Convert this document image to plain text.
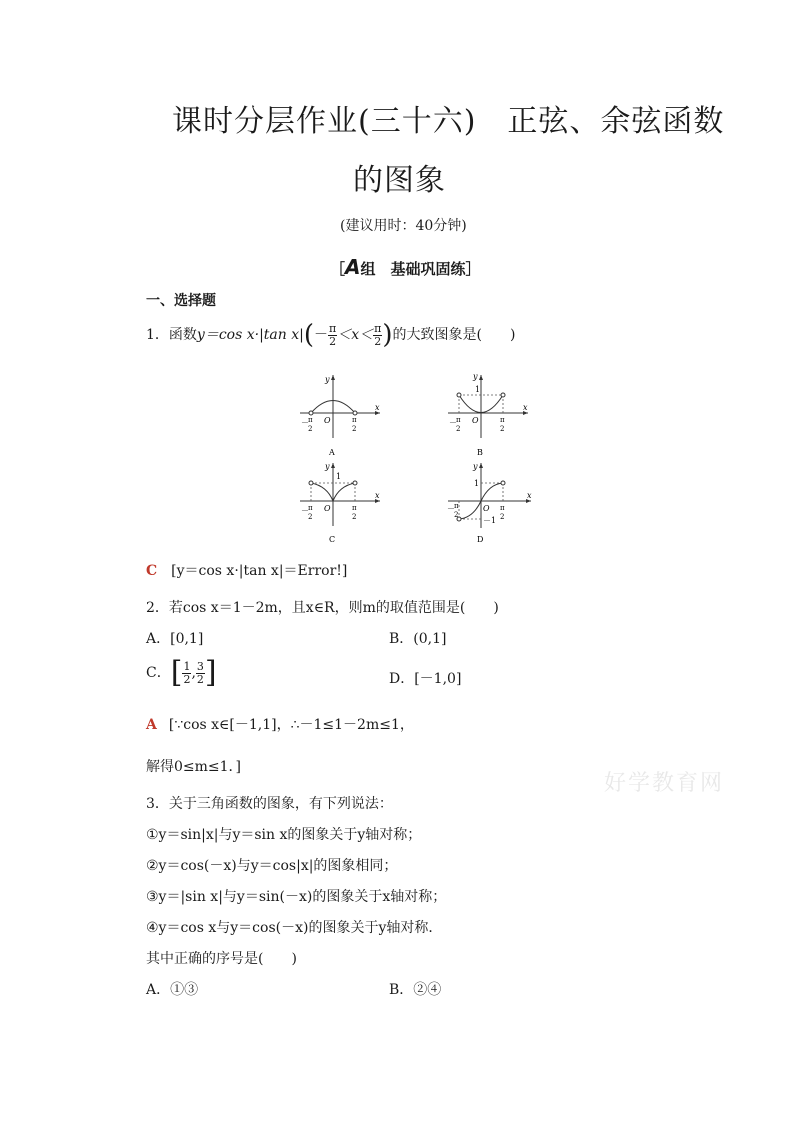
课时分层作业(三十六)　正弦、余弦函数
的图象
(建议用时：40分钟)
［A组　基础巩固练］
一、选择题
1．函数y＝cos x·|tan $x|(- \frac{\pi}{2} <x< \frac{\pi}{2}$ )的大致图象是(　　)
y
x
O
－ π
2
π
2
A
y
1
x
O
－ π
2
π
2
B
y
1
x
O
－ π
2
π
2
C
y
1
－1
x
O
－ π
2
π
2
D
C [y＝cos x·|tan x|＝Error!]
2．若cos x＝1－2m，且x∈R，则m的取值范围是(　　)
A．[0,1]	B．(0,1]
C．[ $\frac{1}{2}$ , $\frac{3}{2}$ ]	D．[－1,0]
A [∵cos x∈[－1,1]，∴－1≤1－2m≤1，
解得0≤m≤1．]
好学教育网
3．关于三角函数的图象，有下列说法：
①y＝sin|x|与y＝sin x的图象关于y轴对称；
②y＝cos(－x)与y＝cos|x|的图象相同；
③y＝|sin x|与y＝sin(－x)的图象关于x轴对称；
④y＝cos x与y＝cos(－x)的图象关于y轴对称．
其中正确的序号是(　　)
A．①③	B．②④
